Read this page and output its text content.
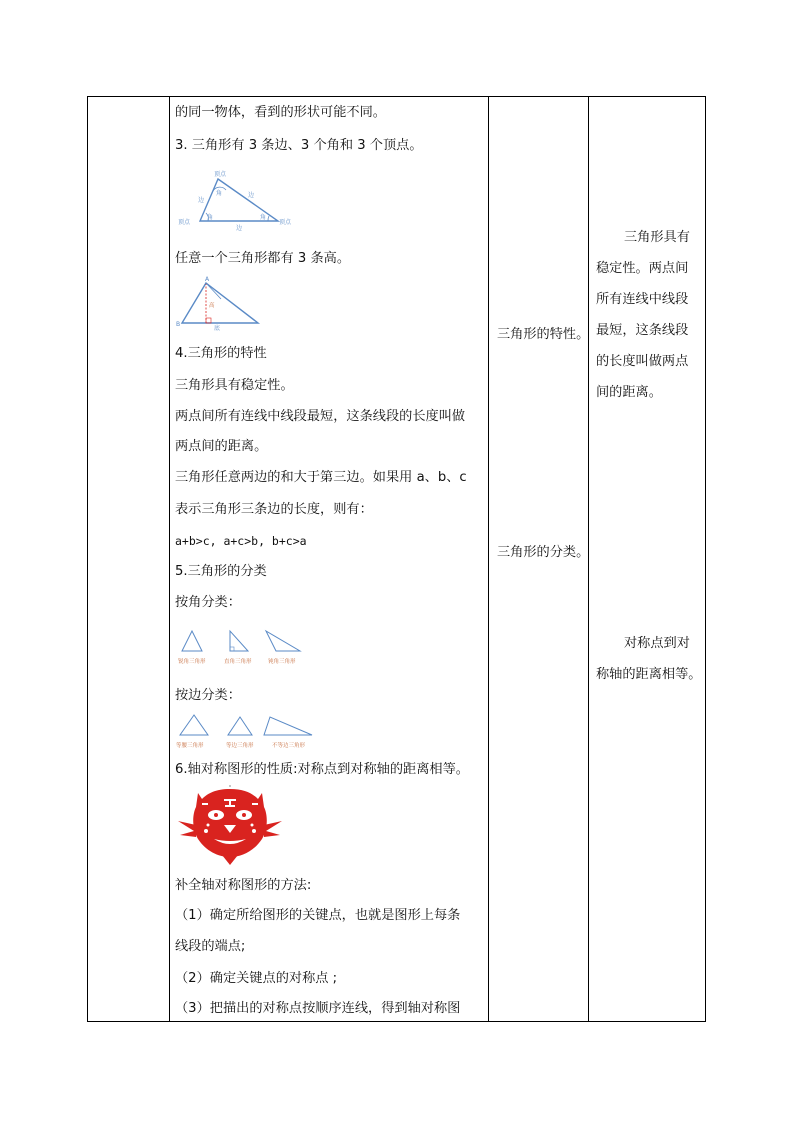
的同一物体，看到的形状可能不同。
3. 三角形有 3 条边、3 个角和 3 个顶点。
顶点
角
边
边
角	角
边
顶点	顶点
任意一个三角形都有 3 条高。
A
B
高
底
4.三角形的特性
三角形具有稳定性。
两点间所有连线中线段最短，这条线段的长度叫做
两点间的距离。
三角形任意两边的和大于第三边。如果用 a、b、c
表示三角形三条边的长度，则有：
a+b>c, a+c>b, b+c>a
5.三角形的分类
按角分类：
锐角三角形	直角三角形	钝角三角形
按边分类：
等腰三角形	等边三角形	不等边三角形
6.轴对称图形的性质:对称点到对称轴的距离相等。
补全轴对称图形的方法:
（1）确定所给图形的关键点，也就是图形上每条
线段的端点;
（2）确定关键点的对称点 ;
（3）把描出的对称点按顺序连线，得到轴对称图
三角形的特性。
三角形的分类。
三角形具有
稳定性。两点间
所有连线中线段
最短，这条线段
的长度叫做两点
间的距离。
对称点到对
称轴的距离相等。
